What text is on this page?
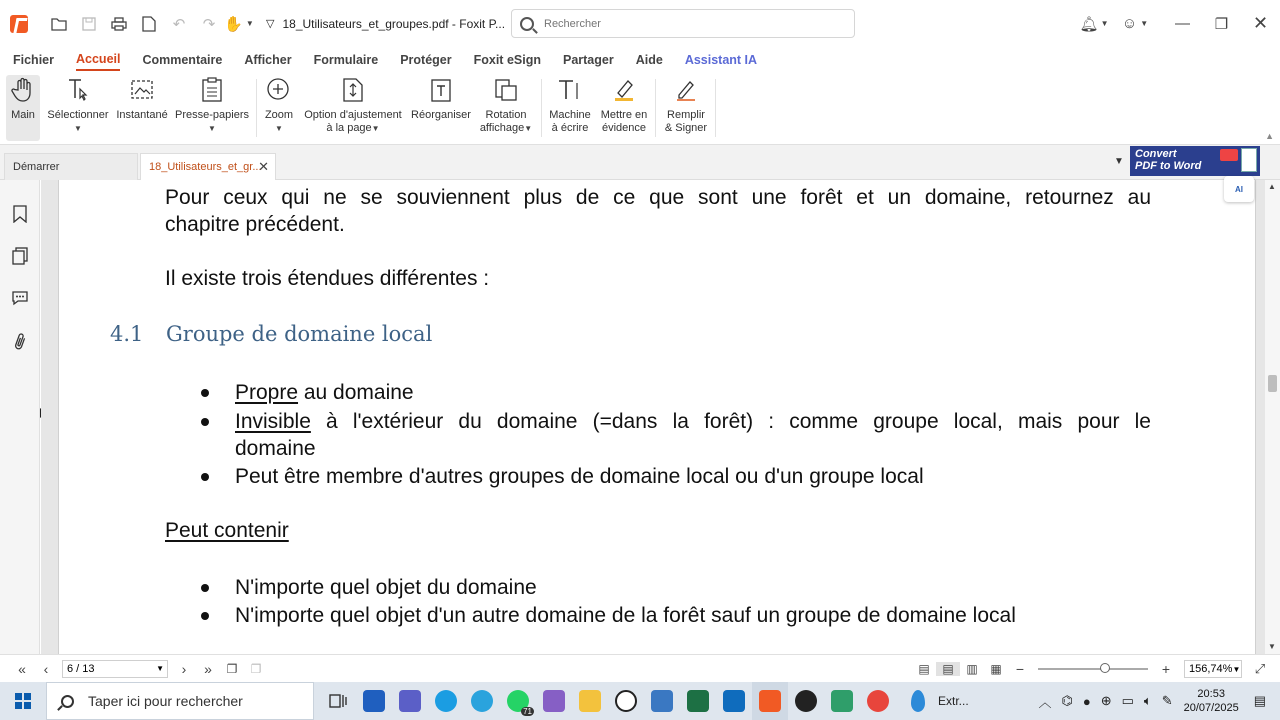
↶	↷ ✋ ▼ ▽ 18_Utilisateurs_et_groupes.pdf - Foxit P...
Rechercher	🔔︎ ▼ ☺ ▼	—	❐	✕
Fichier Accueil Commentaire Afficher Formulaire Protéger Foxit eSign Partager Aide Assistant IA
Main Sélectionner
▼
Instantané Presse-papiers
▼
Zoom
▼
Option d'ajustement
à la page▼
Réorganiser Rotation
affichage▼
Machine
à écrire
Mettre en
évidence
Remplir
& Signer
▲
Démarrer	18_Utilisateurs_et_gr...
✕	▼
Convert
PDF to Word
Pour ceux qui ne se souviennent plus de ce que sont une forêt et un domaine, retournez au
chapitre précédent.
Il existe trois étendues différentes :
4.1 Groupe de domaine local
Propre au domaine
Invisible à l'extérieur du domaine (=dans la forêt) : comme groupe local, mais pour le
domaine
Peut être membre d'autres groupes de domaine local ou d'un groupe local
Peut contenir
N'importe quel objet du domaine
N'importe quel objet d'un autre domaine de la forêt sauf un groupe de domaine local
AI	▲
▼
«	‹	6 / 13	▼	›	»	❐	❐	▤	▤	▥	▦	−	+	156,74% ▼	⤢
Taper ici pour rechercher
71
Extr...	︿ ⌬ ● ⊕ ▭ 🔈︎ ✎	20:53
20/07/2025 ▤
